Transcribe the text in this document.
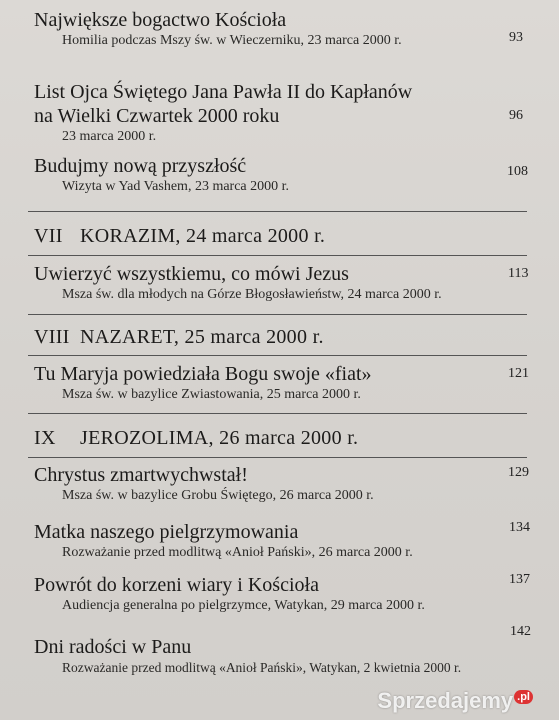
Największe bogactwo Kościoła
Homilia podczas Mszy św. w Wieczerniku, 23 marca 2000 r.	93
List Ojca Świętego Jana Pawła II do Kapłanów
na Wielki Czwartek 2000 roku
23 marca 2000 r.
96
Budujmy nową przyszłość
Wizyta w Yad Vashem, 23 marca 2000 r.
108
VII KORAZIM, 24 marca 2000 r.
Uwierzyć wszystkiemu, co mówi Jezus
Msza św. dla młodych na Górze Błogosławieństw, 24 marca 2000 r.
113
VIII NAZARET, 25 marca 2000 r.
Tu Maryja powiedziała Bogu swoje «fiat»
Msza św. w bazylice Zwiastowania, 25 marca 2000 r.
121
IX JEROZOLIMA, 26 marca 2000 r.
Chrystus zmartwychwstał!
Msza św. w bazylice Grobu Świętego, 26 marca 2000 r.
129
Matka naszego pielgrzymowania
Rozważanie przed modlitwą «Anioł Pański», 26 marca 2000 r.
134
Powrót do korzeni wiary i Kościoła
Audiencja generalna po pielgrzymce, Watykan, 29 marca 2000 r.
137
Dni radości w Panu
Rozważanie przed modlitwą «Anioł Pański», Watykan, 2 kwietnia 2000 r.
142
Sprzedajemy $^{.pl}$
